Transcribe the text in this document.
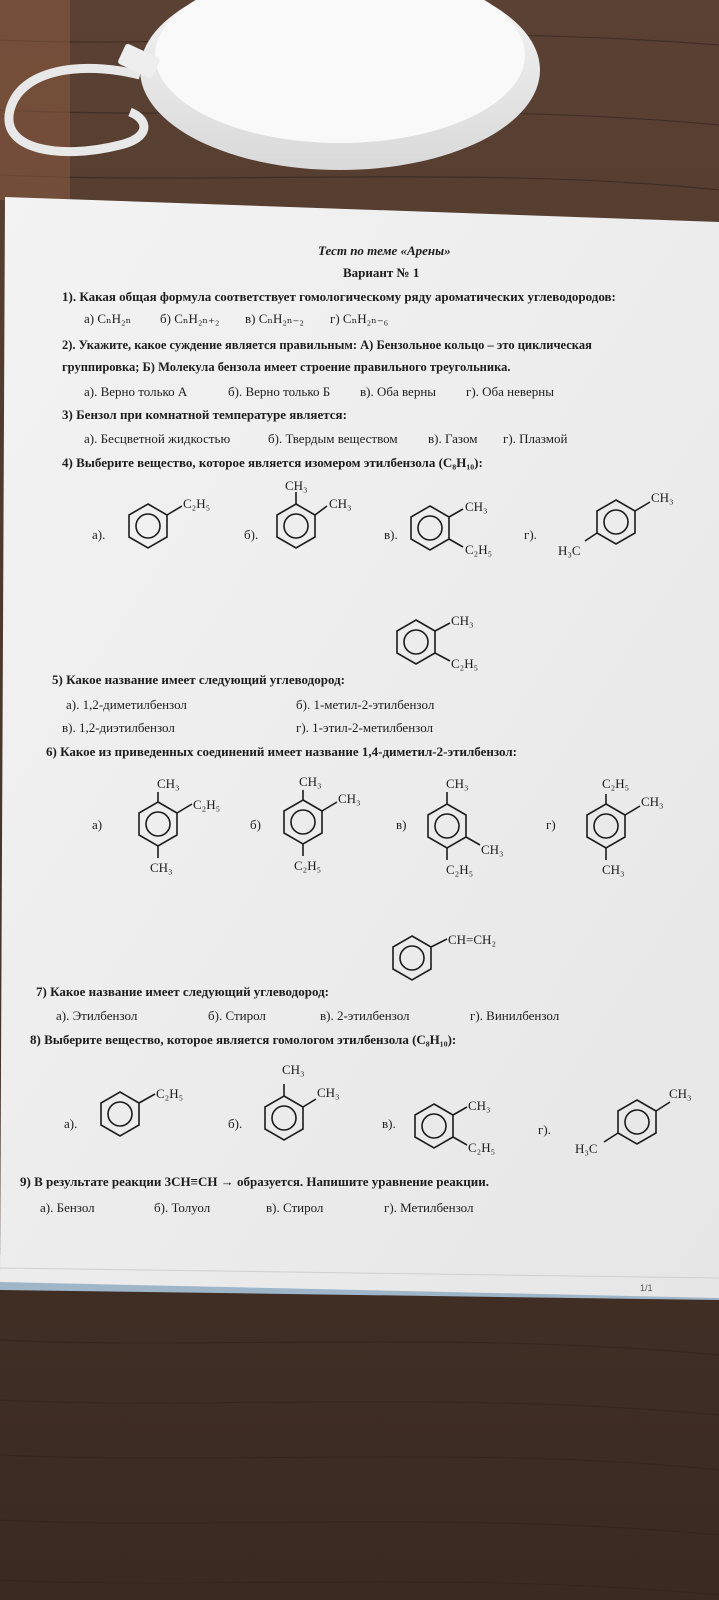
Тест по теме «Арены»
Вариант № 1
1). Какая общая формула соответствует гомологическому ряду ароматических углеводородов:
а) CₙH₂ₙ б) CₙH₂ₙ₊₂ в) CₙH₂ₙ₋₂ г) CₙH₂ₙ₋₆
2). Укажите, какое суждение является правильным: А) Бензольное кольцо – это циклическая
группировка; Б) Молекула бензола имеет строение правильного треугольника.
а). Верно только А	б). Верно только Б в). Оба верны г). Оба неверны
3) Бензол при комнатной температуре является:
а). Бесцветной жидкостью	б). Твердым веществом в). Газом г). Плазмой
4) Выберите вещество, которое является изомером этилбензола (C₈H₁₀):
а).	б).	в).	г).
C₂H₅
CH₃
CH₃	CH₃
C₂H₅
CH₃
H₃C
CH₃
C₂H₅
5) Какое название имеет следующий углеводород:
а). 1,2-диметилбензол	б). 1-метил-2-этилбензол
в). 1,2-диэтилбензол	г). 1-этил-2-метилбензол
6) Какое из приведенных соединений имеет название 1,4-диметил-2-этилбензол:
а)	б)	в)	г)
CH₃
C₂H₅
CH₃
CH₃
CH₃
C₂H₅
CH₃
CH₃
C₂H₅
C₂H₅
CH₃
CH₃
CH=CH₂
7) Какое название имеет следующий углеводород:
а). Этилбензол	б). Стирол	в). 2-этилбензол	г). Винилбензол
8) Выберите вещество, которое является гомологом этилбензола (C₈H₁₀):
а).	б).	в).	г).
C₂H₅
CH₃
CH₃
CH₃
C₂H₅
CH₃
H₃C
9) В результате реакции 3CH≡CH → образуется. Напишите уравнение реакции.
а). Бензол	б). Толуол	в). Стирол	г). Метилбензол
1/1
